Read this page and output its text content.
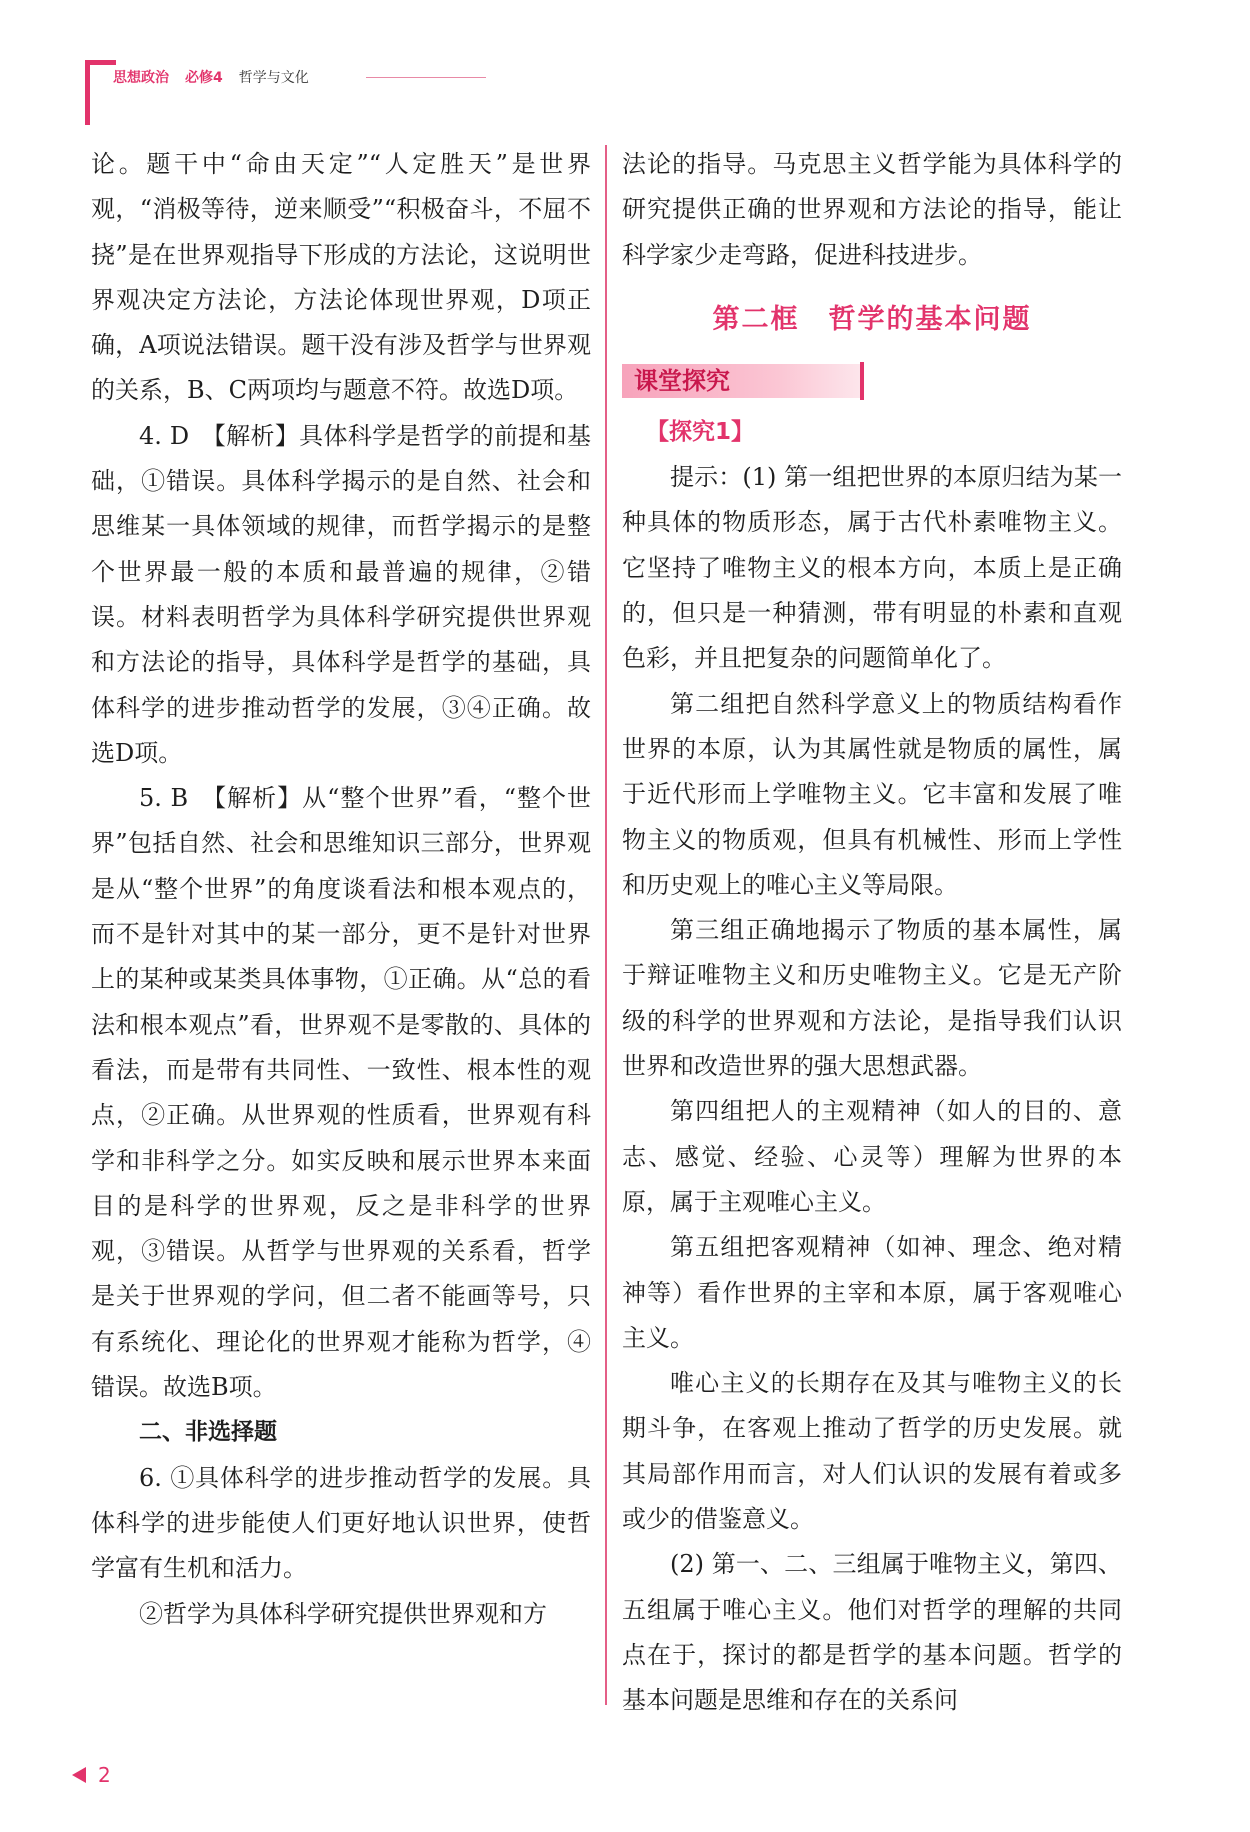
思想政治 必修4 哲学与文化

论。题干中“命由天定”“人定胜天”是世界观，“消极等待，逆来顺受”“积极奋斗，不屈不挠”是在世界观指导下形成的方法论，这说明世界观决定方法论，方法论体现世界观，D项正确，A项说法错误。题干没有涉及哲学与世界观的关系，B、C两项均与题意不符。故选D项。

4. D　【解析】具体科学是哲学的前提和基础，①错误。具体科学揭示的是自然、社会和思维某一具体领域的规律，而哲学揭示的是整个世界最一般的本质和最普遍的规律，②错误。材料表明哲学为具体科学研究提供世界观和方法论的指导，具体科学是哲学的基础，具体科学的进步推动哲学的发展，③④正确。故选D项。

5. B　【解析】从“整个世界”看，“整个世界”包括自然、社会和思维知识三部分，世界观是从“整个世界”的角度谈看法和根本观点的，而不是针对其中的某一部分，更不是针对世界上的某种或某类具体事物，①正确。从“总的看法和根本观点”看，世界观不是零散的、具体的看法，而是带有共同性、一致性、根本性的观点，②正确。从世界观的性质看，世界观有科学和非科学之分。如实反映和展示世界本来面目的是科学的世界观，反之是非科学的世界观，③错误。从哲学与世界观的关系看，哲学是关于世界观的学问，但二者不能画等号，只有系统化、理论化的世界观才能称为哲学，④错误。故选B项。

二、非选择题

6. ①具体科学的进步推动哲学的发展。具体科学的进步能使人们更好地认识世界，使哲学富有生机和活力。

②哲学为具体科学研究提供世界观和方

法论的指导。马克思主义哲学能为具体科学的研究提供正确的世界观和方法论的指导，能让科学家少走弯路，促进科技进步。

第二框　哲学的基本问题
课堂探究

【探究1】

提示：(1) 第一组把世界的本原归结为某一种具体的物质形态，属于古代朴素唯物主义。它坚持了唯物主义的根本方向，本质上是正确的，但只是一种猜测，带有明显的朴素和直观色彩，并且把复杂的问题简单化了。

第二组把自然科学意义上的物质结构看作世界的本原，认为其属性就是物质的属性，属于近代形而上学唯物主义。它丰富和发展了唯物主义的物质观，但具有机械性、形而上学性和历史观上的唯心主义等局限。

第三组正确地揭示了物质的基本属性，属于辩证唯物主义和历史唯物主义。它是无产阶级的科学的世界观和方法论，是指导我们认识世界和改造世界的强大思想武器。

第四组把人的主观精神（如人的目的、意志、感觉、经验、心灵等）理解为世界的本原，属于主观唯心主义。

第五组把客观精神（如神、理念、绝对精神等）看作世界的主宰和本原，属于客观唯心主义。

唯心主义的长期存在及其与唯物主义的长期斗争，在客观上推动了哲学的历史发展。就其局部作用而言，对人们认识的发展有着或多或少的借鉴意义。

(2) 第一、二、三组属于唯物主义，第四、五组属于唯心主义。他们对哲学的理解的共同点在于，探讨的都是哲学的基本问题。哲学的基本问题是思维和存在的关系问

2
